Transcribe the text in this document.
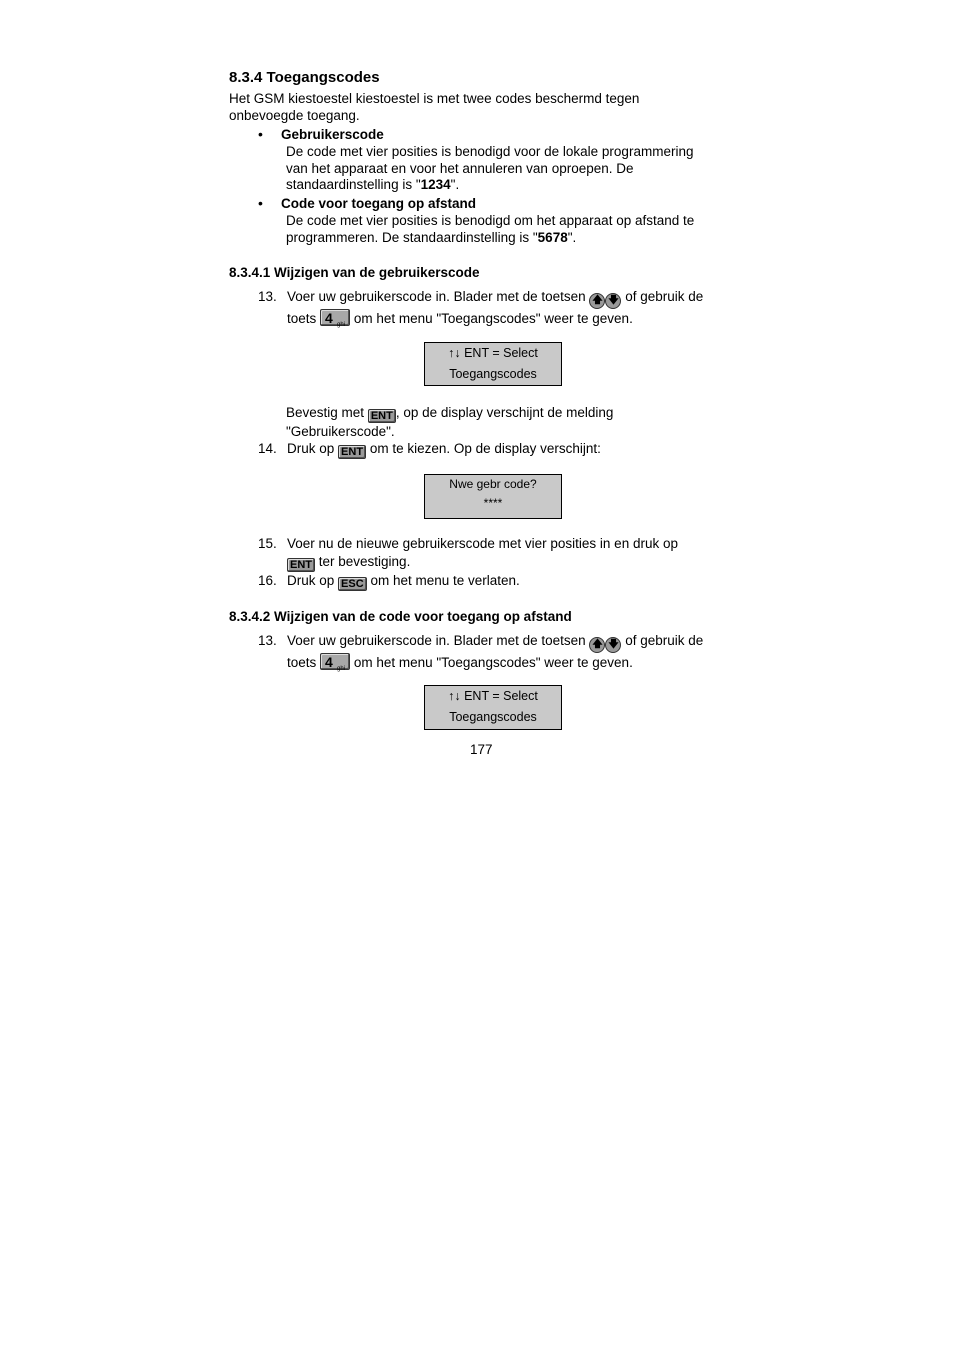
8.3.4 Toegangscodes
Het GSM kiestoestel kiestoestel is met twee codes beschermd tegen
onbevoegde toegang.
• Gebruikerscode
De code met vier posities is benodigd voor de lokale programmering
van het apparaat en voor het annuleren van oproepen. De
standaardinstelling is "1234".
• Code voor toegang op afstand
De code met vier posities is benodigd om het apparaat op afstand te
programmeren. De standaardinstelling is "5678".
8.3.4.1 Wijzigen van de gebruikerscode
13. Voer uw gebruikerscode in. Blader met de toetsen 🡅 🡇 of gebruik de
toets 4 ghi om het menu "Toegangscodes" weer te geven.
↑↓ ENT = Select
Toegangscodes
Bevestig met ENT , op de display verschijnt de melding
"Gebruikerscode".
14. Druk op ENT om te kiezen. Op de display verschijnt:
Nwe gebr code?
****
15. Voer nu de nieuwe gebruikerscode met vier posities in en druk op
ENT ter bevestiging.
16. Druk op ESC om het menu te verlaten.
8.3.4.2 Wijzigen van de code voor toegang op afstand
13. Voer uw gebruikerscode in. Blader met de toetsen 🡅 🡇 of gebruik de
toets 4 ghi om het menu "Toegangscodes" weer te geven.
↑↓ ENT = Select
Toegangscodes
177
